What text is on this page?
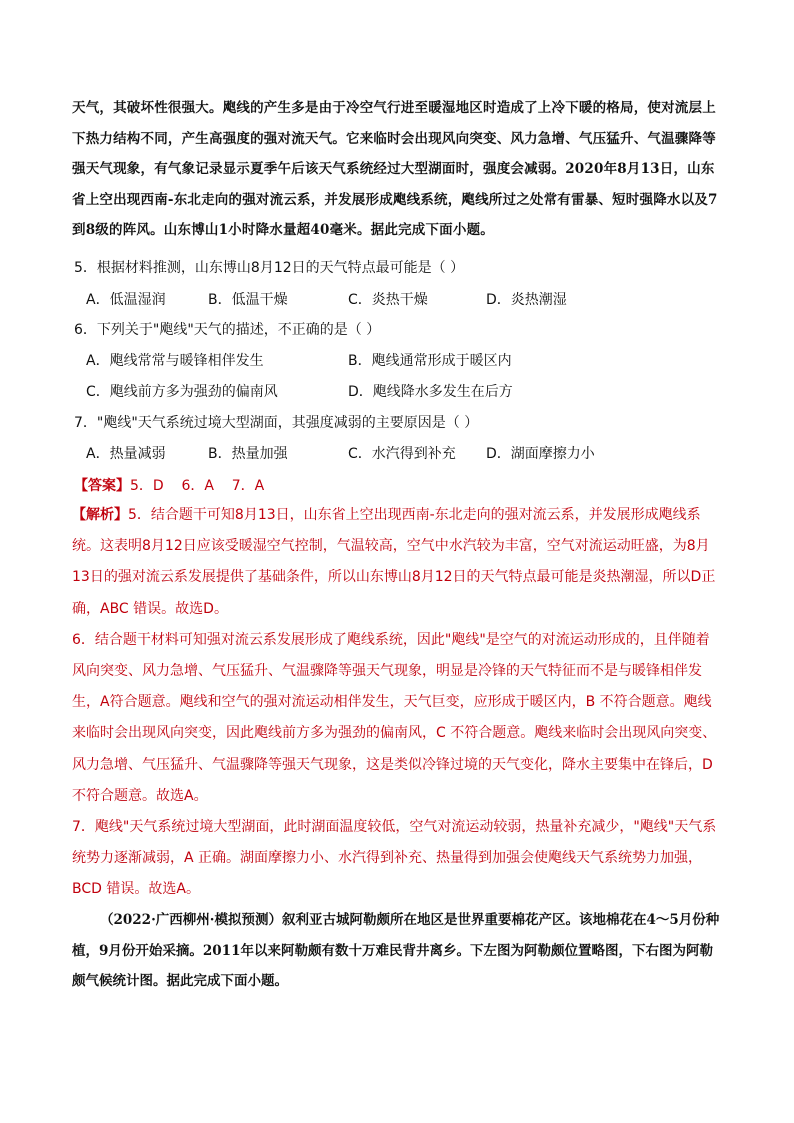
天气，其破坏性很强大。飑线的产生多是由于冷空气行进至暖湿地区时造成了上冷下暖的格局，使对流层上下热力结构不同，产生高强度的强对流天气。它来临时会出现风向突变、风力急增、气压猛升、气温骤降等强天气现象，有气象记录显示夏季午后该天气系统经过大型湖面时，强度会减弱。2020年8月13日，山东省上空出现西南-东北走向的强对流云系，并发展形成飑线系统，飑线所过之处常有雷暴、短时强降水以及7到8级的阵风。山东博山1小时降水量超40毫米。据此完成下面小题。

5．根据材料推测，山东博山8月12日的天气特点最可能是（ ）
A．低温湿润	B．低温干燥	C．炎热干燥	D．炎热潮湿
6．下列关于"飑线"天气的描述，不正确的是（ ）
A．飑线常常与暖锋相伴发生	B．飑线通常形成于暖区内
C．飑线前方多为强劲的偏南风	D．飑线降水多发生在后方
7．"飑线"天气系统过境大型湖面，其强度减弱的主要原因是（ ）
A．热量减弱	B．热量加强	C．水汽得到补充 D．湖面摩擦力小
【答案】5．D    6．A    7．A

【解析】5．结合题干可知8月13日，山东省上空出现西南-东北走向的强对流云系，并发展形成飑线系统。这表明8月12日应该受暖湿空气控制，气温较高，空气中水汽较为丰富，空气对流运动旺盛，为8月13日的强对流云系发展提供了基础条件，所以山东博山8月12日的天气特点最可能是炎热潮湿，所以D正确，ABC 错误。故选D。

6．结合题干材料可知强对流云系发展形成了飑线系统，因此"飑线"是空气的对流运动形成的，且伴随着风向突变、风力急增、气压猛升、气温骤降等强天气现象，明显是冷锋的天气特征而不是与暖锋相伴发生，A符合题意。飑线和空气的强对流运动相伴发生，天气巨变，应形成于暖区内，B 不符合题意。飑线来临时会出现风向突变，因此飑线前方多为强劲的偏南风，C 不符合题意。飑线来临时会出现风向突变、风力急增、气压猛升、气温骤降等强天气现象，这是类似冷锋过境的天气变化，降水主要集中在锋后，D 不符合题意。故选A。

7．飑线"天气系统过境大型湖面，此时湖面温度较低，空气对流运动较弱，热量补充减少，"飑线"天气系统势力逐渐减弱，A 正确。湖面摩擦力小、水汽得到补充、热量得到加强会使飑线天气系统势力加强，BCD 错误。故选A。

（2022·广西柳州·模拟预测）叙利亚古城阿勒颇所在地区是世界重要棉花产区。该地棉花在4～5月份种植，9月份开始采摘。2011年以来阿勒颇有数十万难民背井离乡。下左图为阿勒颇位置略图，下右图为阿勒颇气候统计图。据此完成下面小题。
